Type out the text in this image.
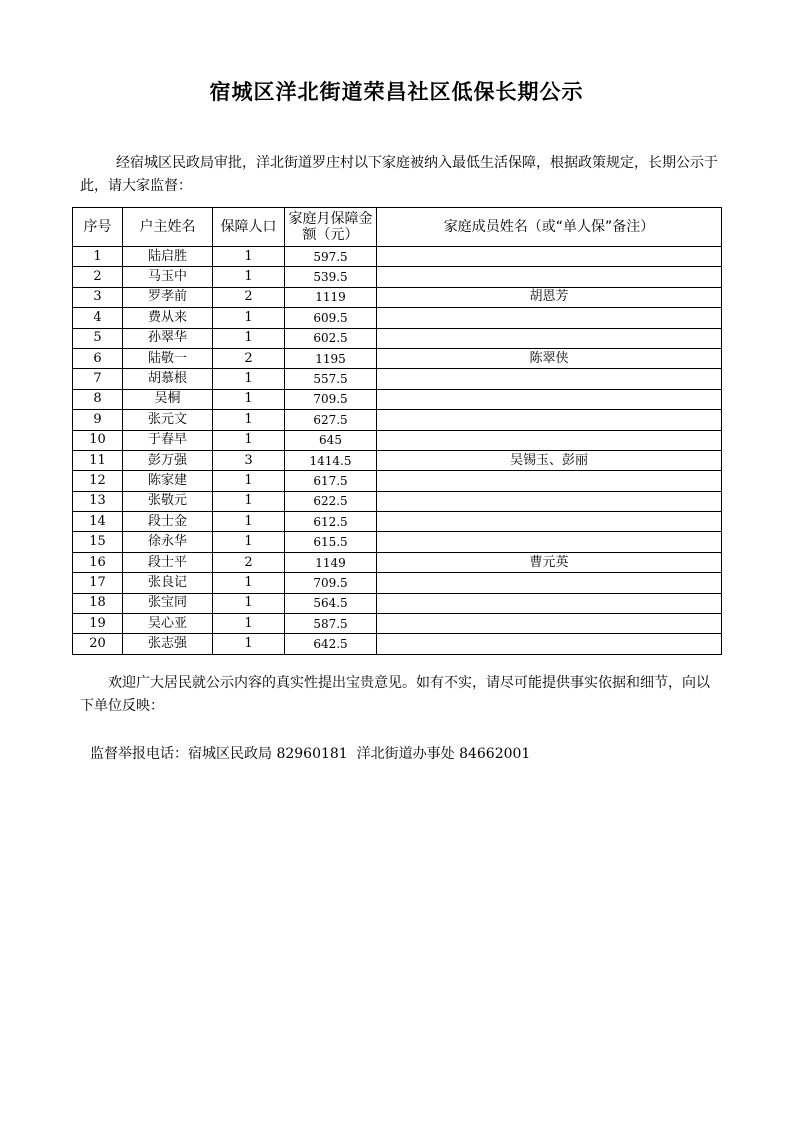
宿城区洋北街道荣昌社区低保长期公示
经宿城区民政局审批，洋北街道罗庄村以下家庭被纳入最低生活保障，根据政策规定，长期公示于此，请大家监督：
序号	户主姓名	保障人口	家庭月保障金额（元）	家庭成员姓名（或“单人保”备注）
1	陆启胜	1	597.5	
2	马玉中	1	539.5	
3	罗孝前	2	1119	胡恩芳
4	费从来	1	609.5	
5	孙翠华	1	602.5	
6	陆敬一	2	1195	陈翠侠
7	胡慕根	1	557.5	
8	吴桐	1	709.5	
9	张元文	1	627.5	
10	于春早	1	645	
11	彭万强	3	1414.5	吴锡玉、彭丽
12	陈家建	1	617.5	
13	张敬元	1	622.5	
14	段士金	1	612.5	
15	徐永华	1	615.5	
16	段士平	2	1149	曹元英
17	张良记	1	709.5	
18	张宝同	1	564.5	
19	吴心亚	1	587.5	
20	张志强	1	642.5	
欢迎广大居民就公示内容的真实性提出宝贵意见。如有不实，请尽可能提供事实依据和细节，向以下单位反映：
监督举报电话：宿城区民政局 82960181 洋北街道办事处 84662001
